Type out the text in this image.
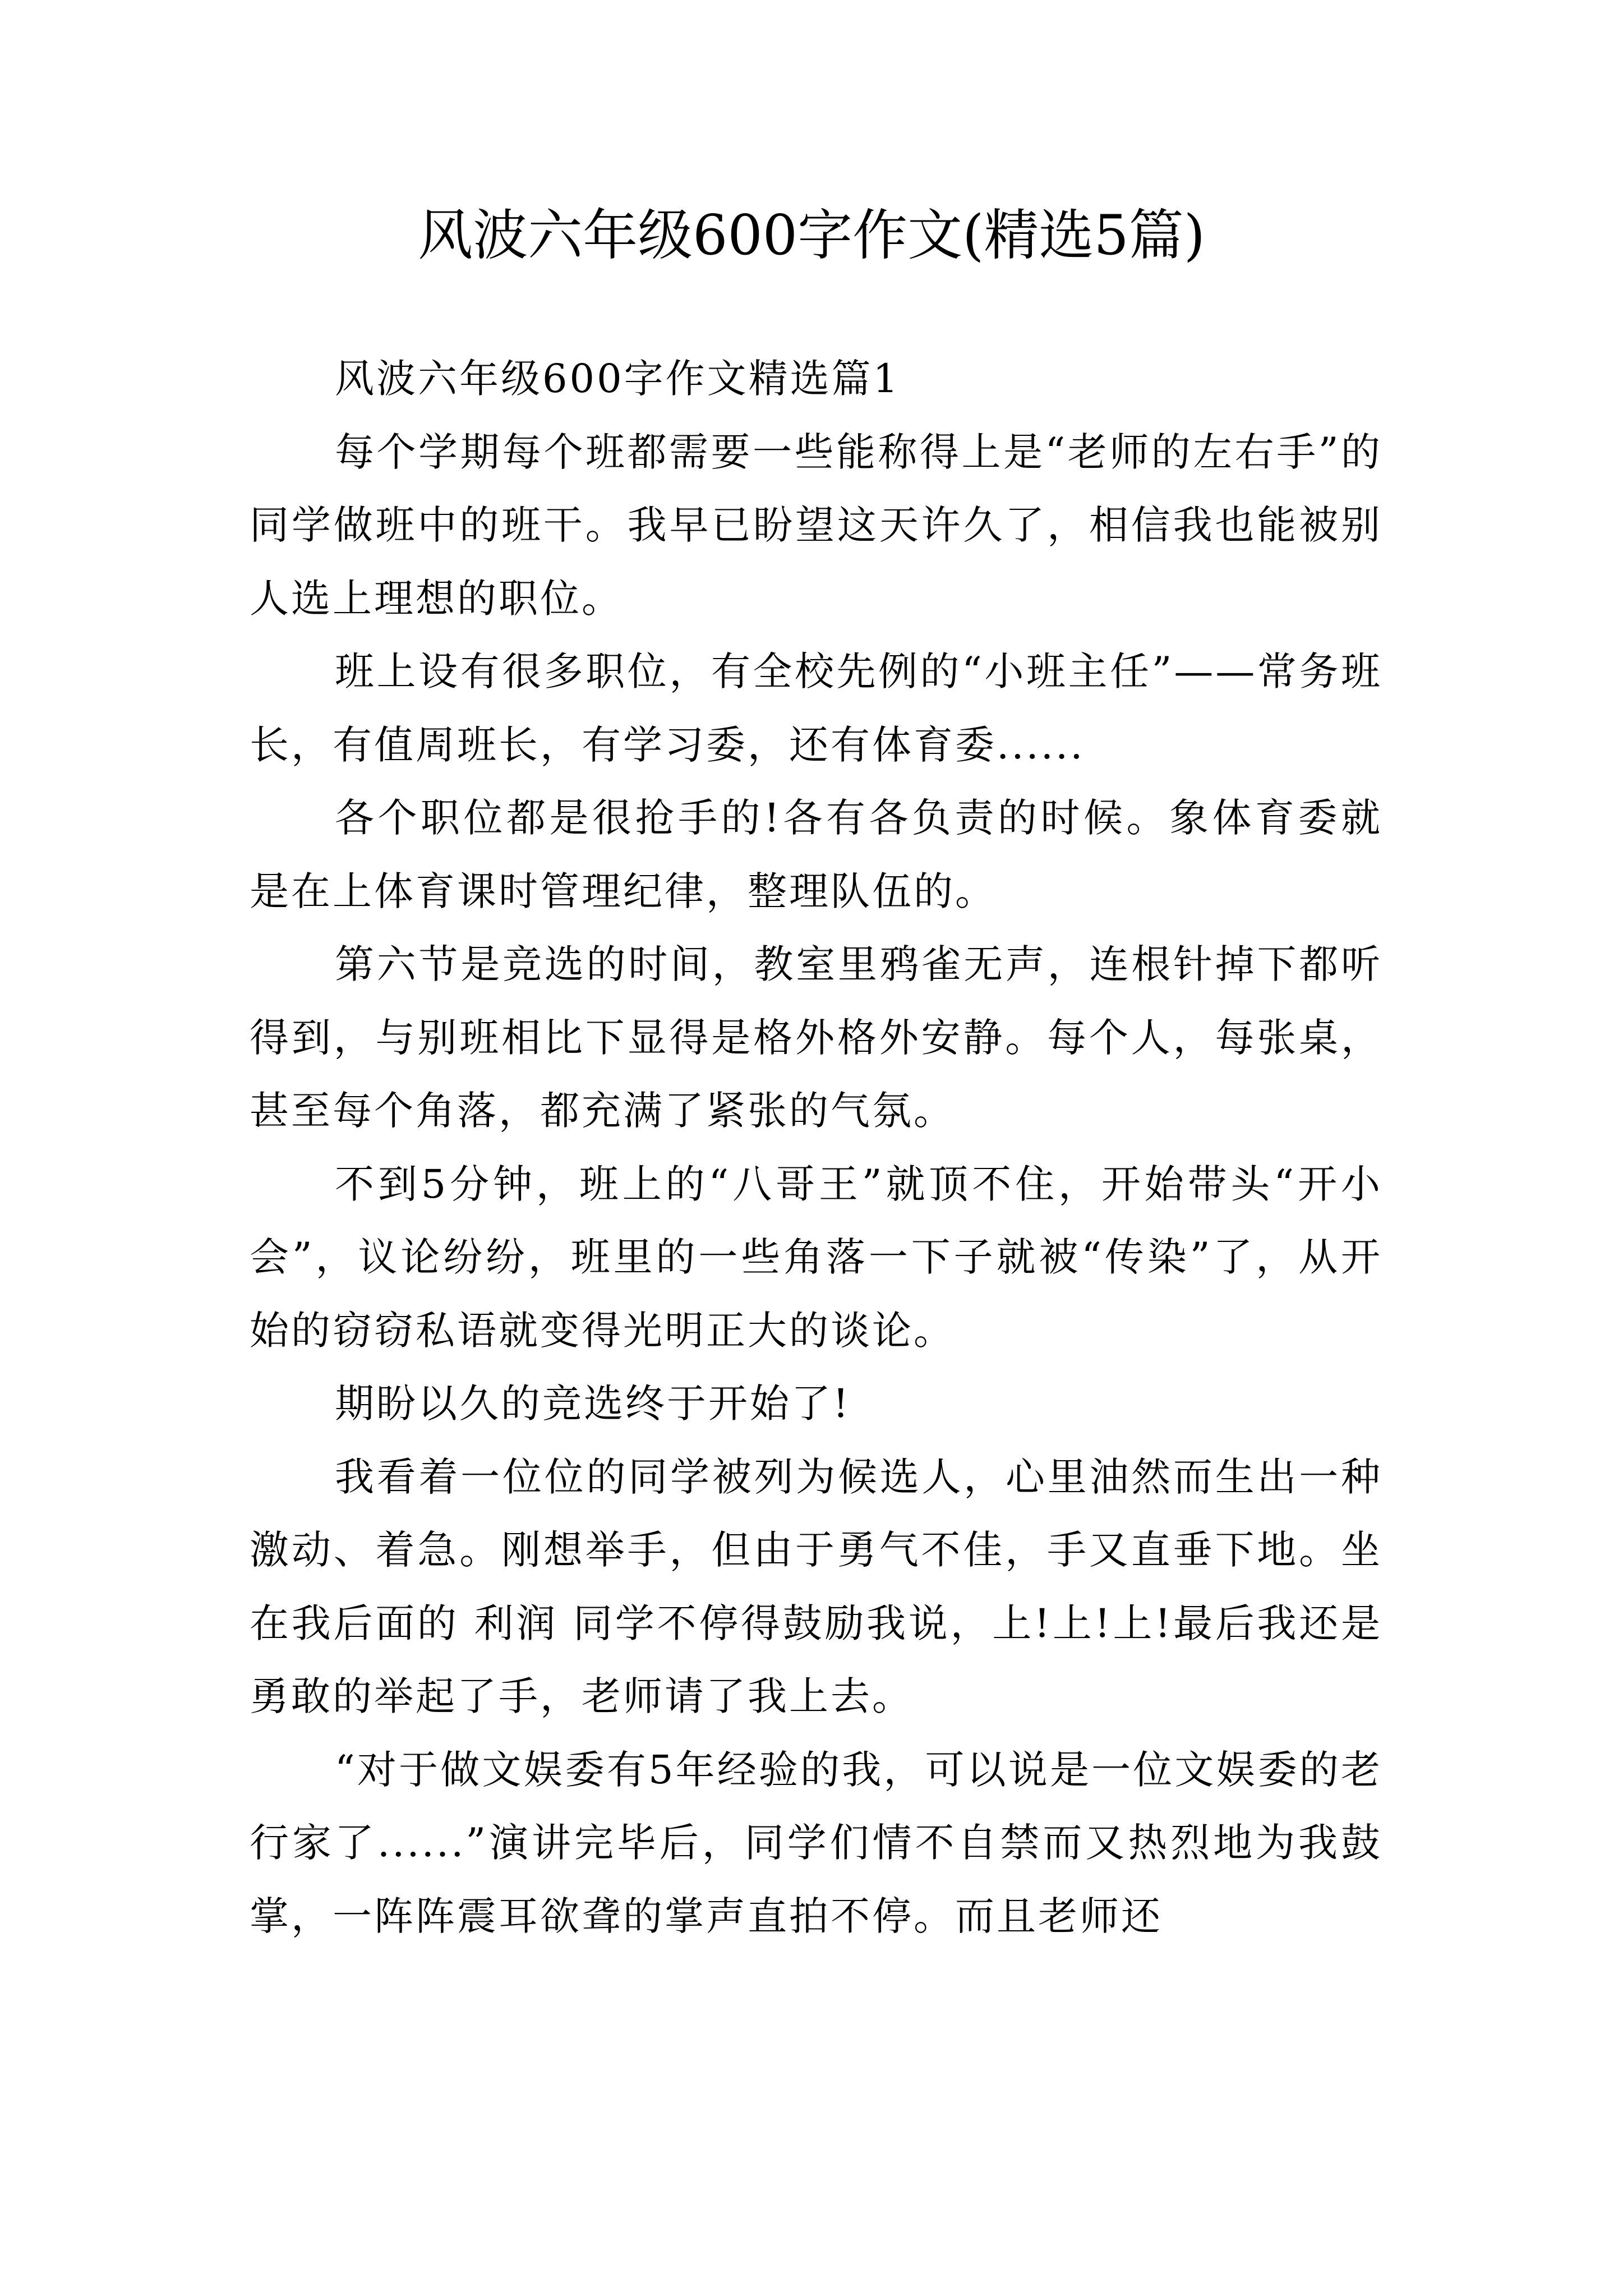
风波六年级600字作文(精选5篇)

风波六年级600字作文精选篇1

每个学期每个班都需要一些能称得上是“老师的左右手”的同学做班中的班干。我早已盼望这天许久了，相信我也能被别人选上理想的职位。

班上设有很多职位，有全校先例的“小班主任”——常务班长，有值周班长，有学习委，还有体育委......

各个职位都是很抢手的!各有各负责的时候。象体育委就是在上体育课时管理纪律，整理队伍的。

第六节是竞选的时间，教室里鸦雀无声，连根针掉下都听得到，与别班相比下显得是格外格外安静。每个人，每张桌，甚至每个角落，都充满了紧张的气氛。

不到5分钟，班上的“八哥王”就顶不住，开始带头“开小会”，议论纷纷，班里的一些角落一下子就被“传染”了，从开始的窃窃私语就变得光明正大的谈论。

期盼以久的竞选终于开始了!

我看着一位位的同学被列为候选人，心里油然而生出一种激动、着急。刚想举手，但由于勇气不佳，手又直垂下地。坐在我后面的 利润 同学不停得鼓励我说，上!上!上!最后我还是勇敢的举起了手，老师请了我上去。

“对于做文娱委有5年经验的我，可以说是一位文娱委的老行家了......”演讲完毕后，同学们情不自禁而又热烈地为我鼓掌，一阵阵震耳欲聋的掌声直拍不停。而且老师还
